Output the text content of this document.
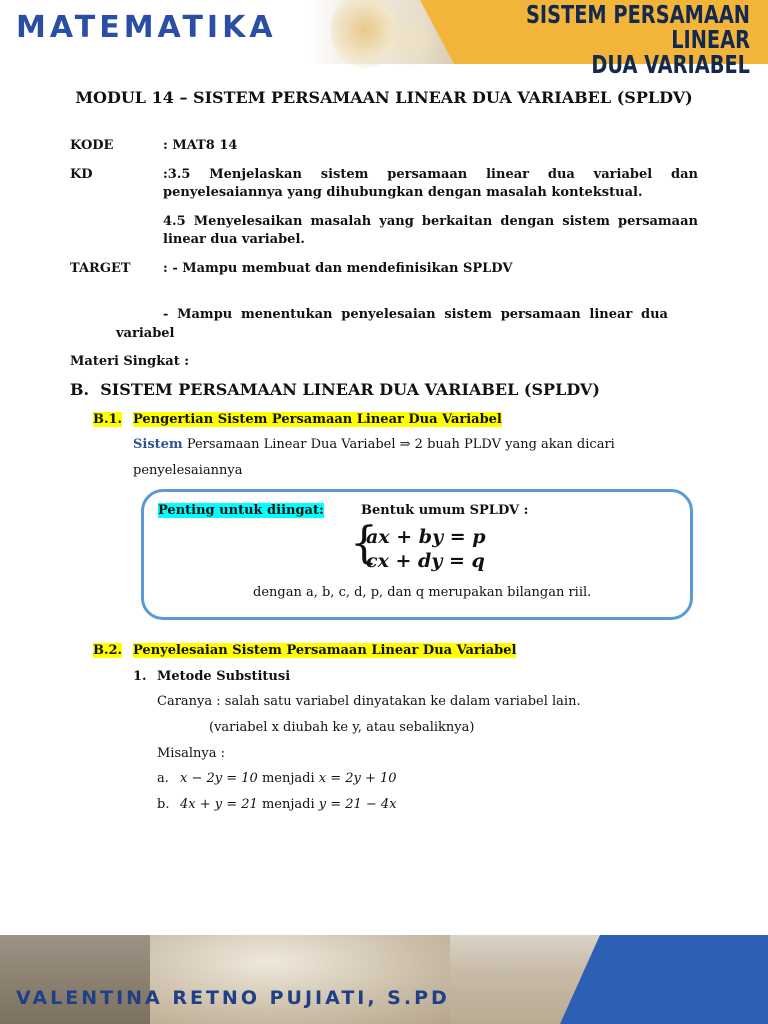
MATEMATIKA	SISTEM PERSAMAAN LINEAR
DUA VARIABEL
MODUL 14 – SISTEM PERSAMAAN LINEAR DUA VARIABEL (SPLDV)
KODE	: MAT8 14
KD	:3.5 Menjelaskan sistem persamaan linear dua variabel dan
penyelesaiannya yang dihubungkan dengan masalah kontekstual.
4.5 Menyelesaikan masalah yang berkaitan dengan sistem persamaan
linear dua variabel.
TARGET : - Mampu membuat dan mendefinisikan SPLDV
- Mampu menentukan penyelesaian sistem persamaan linear dua
variabel
Materi Singkat :
B.  SISTEM PERSAMAAN LINEAR DUA VARIABEL (SPLDV)
B.1. Pengertian Sistem Persamaan Linear Dua Variabel
Sistem Persamaan Linear Dua Variabel ⇒ 2 buah PLDV yang akan dicari
penyelesaiannya
Penting untuk diingat:	Bentuk umum SPLDV :
{
ax + by = p
cx + dy = q
dengan a, b, c, d, p, dan q merupakan bilangan riil.
B.2. Penyelesaian Sistem Persamaan Linear Dua Variabel
1. Metode Substitusi
Caranya : salah satu variabel dinyatakan ke dalam variabel lain.
(variabel x diubah ke y, atau sebaliknya)
Misalnya :
a. x − 2y = 10 menjadi x = 2y + 10
b. 4x + y = 21 menjadi y = 21 − 4x
VALENTINA RETNO PUJIATI, S.PD
